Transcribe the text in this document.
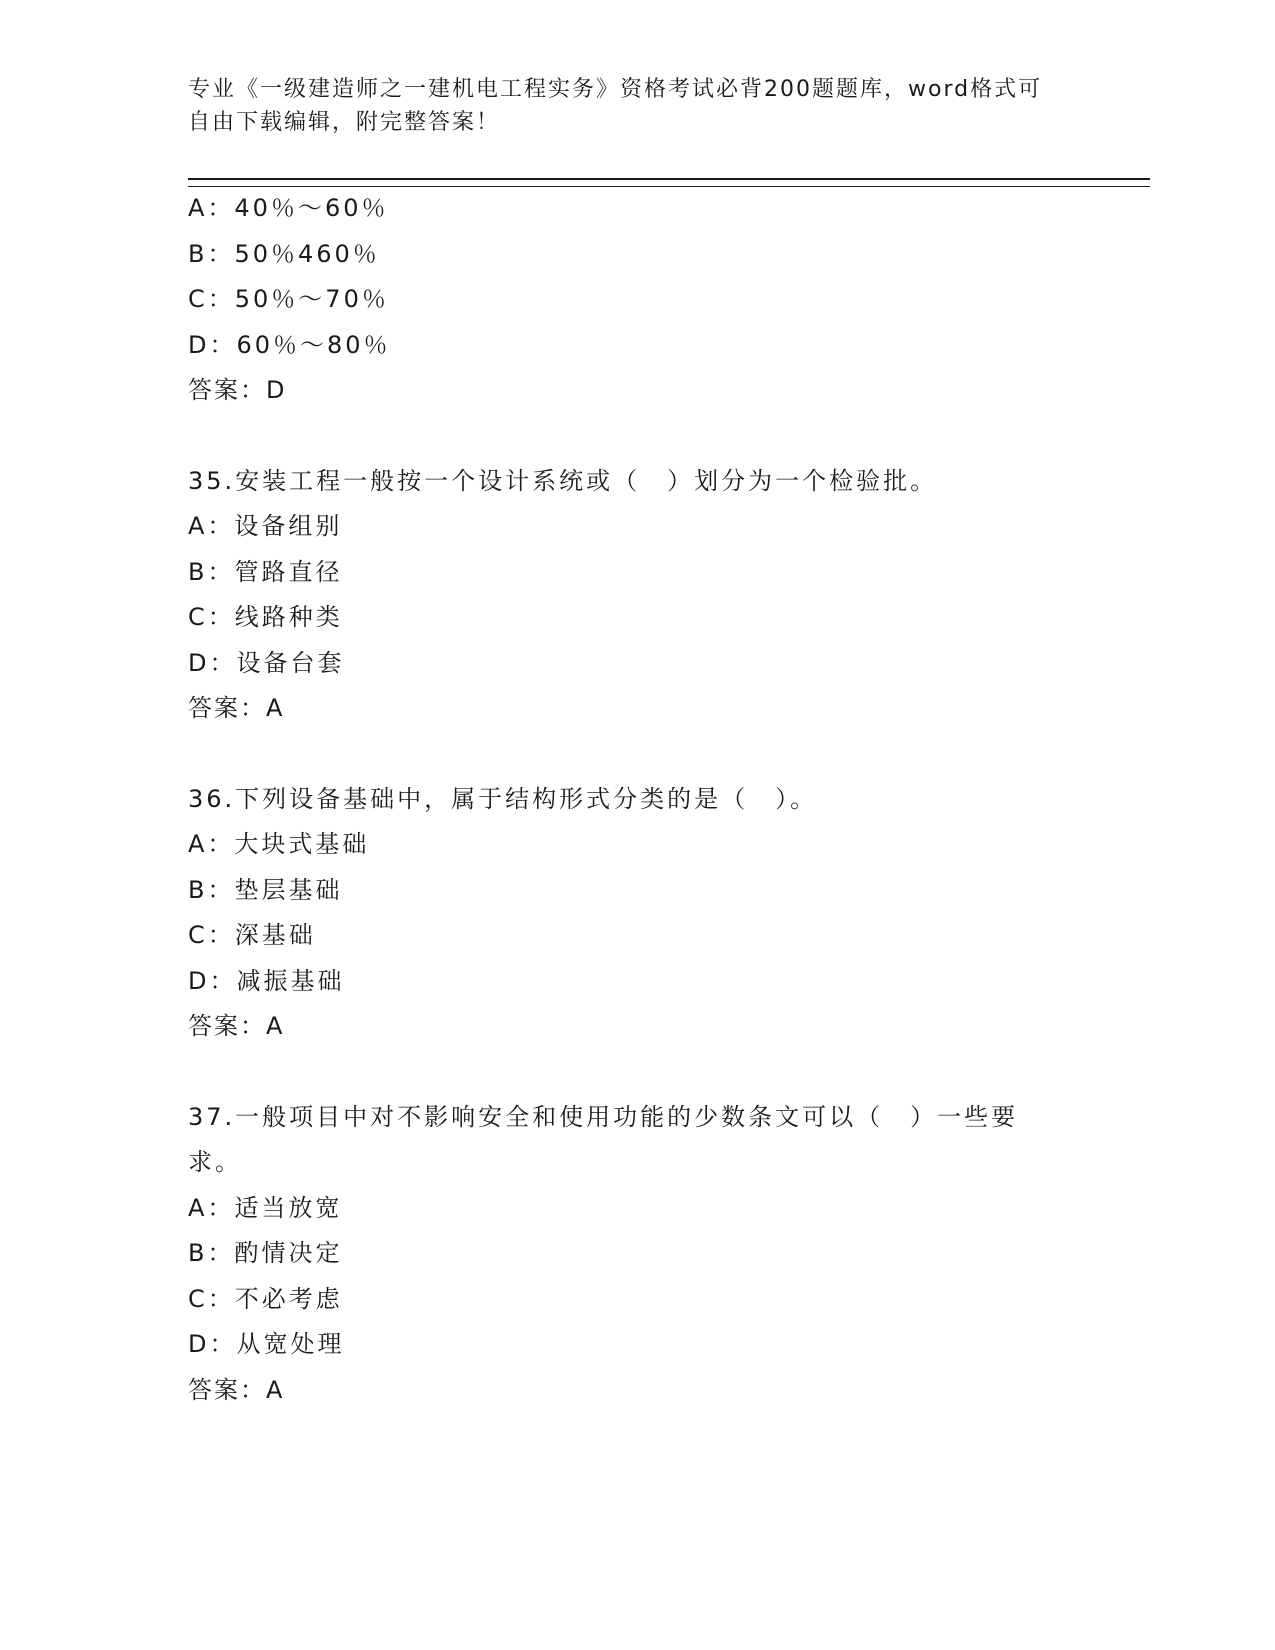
专业《一级建造师之一建机电工程实务》资格考试必背200题题库，word格式可
自由下载编辑，附完整答案！
A：40％～60％
B：50％460％
C：50％～70％
D：60％～80％
答案：D
35.安装工程一般按一个设计系统或（　）划分为一个检验批。
A：设备组别
B：管路直径
C：线路种类
D：设备台套
答案：A
36.下列设备基础中，属于结构形式分类的是（　）。
A：大块式基础
B：垫层基础
C：深基础
D：减振基础
答案：A
37.一般项目中对不影响安全和使用功能的少数条文可以（　）一些要
求。
A：适当放宽
B：酌情决定
C：不必考虑
D：从宽处理
答案：A
